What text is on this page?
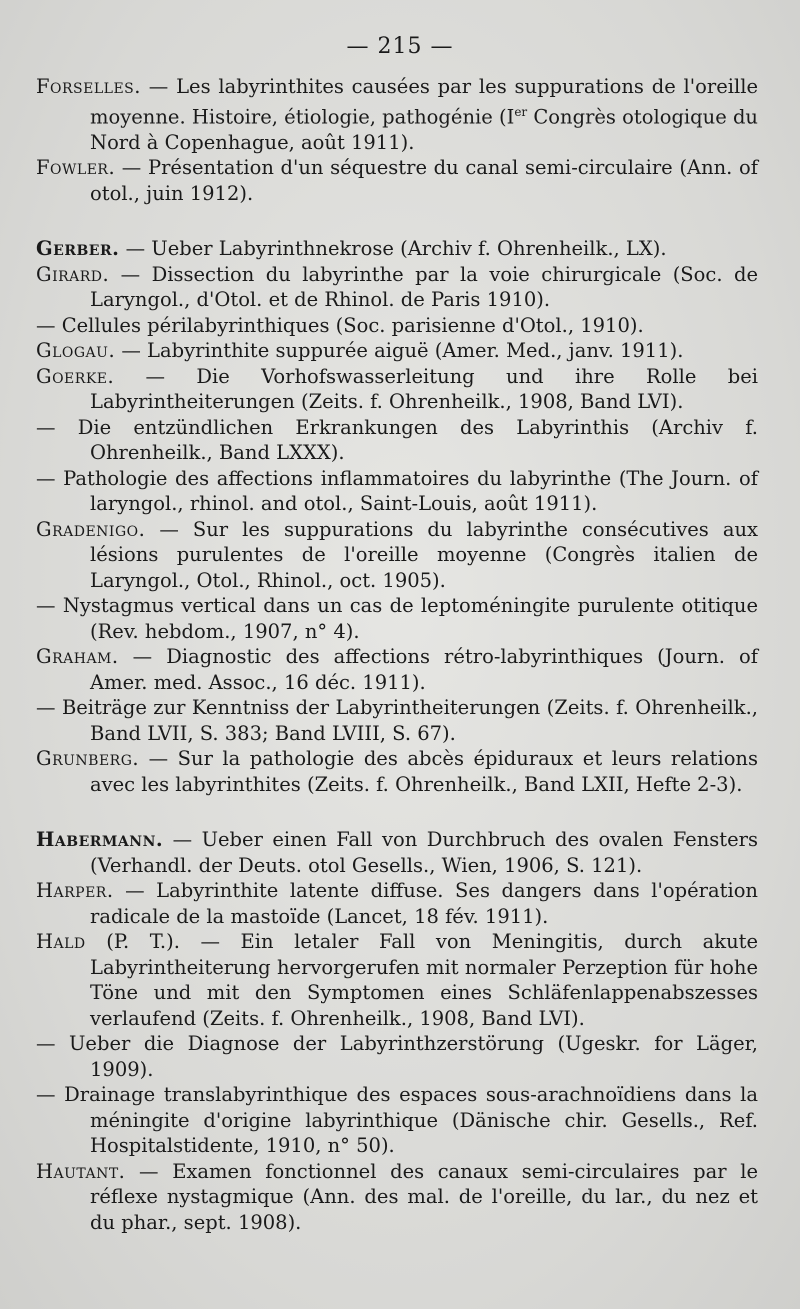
— 215 —
Forselles. — Les labyrinthites causées par les suppurations de l'oreille moyenne. Histoire, étiologie, pathogénie (Ier Congrès otologique du Nord à Copenhague, août 1911).
Fowler. — Présentation d'un séquestre du canal semi-circulaire (Ann. of otol., juin 1912).
Gerber. — Ueber Labyrinthnekrose (Archiv f. Ohrenheilk., LX).
Girard. — Dissection du labyrinthe par la voie chirurgicale (Soc. de Laryngol., d'Otol. et de Rhinol. de Paris 1910).
— Cellules périlabyrinthiques (Soc. parisienne d'Otol., 1910).
Glogau. — Labyrinthite suppurée aiguë (Amer. Med., janv. 1911).
Goerke. — Die Vorhofswasserleitung und ihre Rolle bei Labyrintheiterungen (Zeits. f. Ohrenheilk., 1908, Band LVI).
— Die entzündlichen Erkrankungen des Labyrinthis (Archiv f. Ohrenheilk., Band LXXX).
— Pathologie des affections inflammatoires du labyrinthe (The Journ. of laryngol., rhinol. and otol., Saint-Louis, août 1911).
Gradenigo. — Sur les suppurations du labyrinthe consécutives aux lésions purulentes de l'oreille moyenne (Congrès italien de Laryngol., Otol., Rhinol., oct. 1905).
— Nystagmus vertical dans un cas de leptoméningite purulente otitique (Rev. hebdom., 1907, n° 4).
Graham. — Diagnostic des affections rétro-labyrinthiques (Journ. of Amer. med. Assoc., 16 déc. 1911).
— Beiträge zur Kenntniss der Labyrintheiterungen (Zeits. f. Ohrenheilk., Band LVII, S. 383; Band LVIII, S. 67).
Grunberg. — Sur la pathologie des abcès épiduraux et leurs relations avec les labyrinthites (Zeits. f. Ohrenheilk., Band LXII, Hefte 2-3).
Habermann. — Ueber einen Fall von Durchbruch des ovalen Fensters (Verhandl. der Deuts. otol Gesells., Wien, 1906, S. 121).
Harper. — Labyrinthite latente diffuse. Ses dangers dans l'opération radicale de la mastoïde (Lancet, 18 fév. 1911).
Hald (P. T.). — Ein letaler Fall von Meningitis, durch akute Labyrintheiterung hervorgerufen mit normaler Perzeption für hohe Töne und mit den Symptomen eines Schläfenlappenabszesses verlaufend (Zeits. f. Ohrenheilk., 1908, Band LVI).
— Ueber die Diagnose der Labyrinthzerstörung (Ugeskr. for Läger, 1909).
— Drainage translabyrinthique des espaces sous-arachnoïdiens dans la méningite d'origine labyrinthique (Dänische chir. Gesells., Ref. Hospitalstidente, 1910, n° 50).
Hautant. — Examen fonctionnel des canaux semi-circulaires par le réflexe nystagmique (Ann. des mal. de l'oreille, du lar., du nez et du phar., sept. 1908).
